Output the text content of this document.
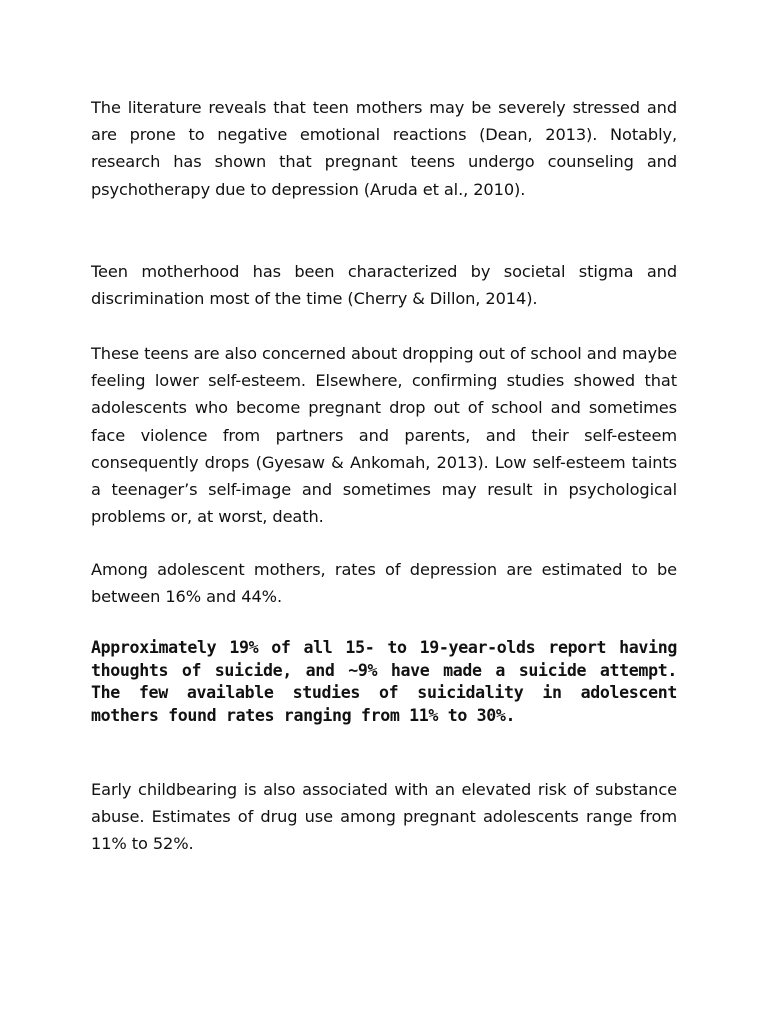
The literature reveals that teen mothers may be severely stressed and are prone to negative emotional reactions (Dean, 2013). Notably, research has shown that pregnant teens undergo counseling and psychotherapy due to depression (Aruda et al., 2010).

Teen motherhood has been characterized by societal stigma and discrimination most of the time (Cherry & Dillon, 2014).

These teens are also concerned about dropping out of school and maybe feeling lower self-esteem. Elsewhere, confirming studies showed that adolescents who become pregnant drop out of school and sometimes face violence from partners and parents, and their self-esteem consequently drops (Gyesaw & Ankomah, 2013). Low self-esteem taints a teenager’s self-image and sometimes may result in psychological problems or, at worst, death.

Among adolescent mothers, rates of depression are estimated to be between 16% and 44%.

Approximately 19% of all 15- to 19-year-olds report having thoughts of suicide, and ~9% have made a suicide attempt. The few available studies of suicidality in adolescent mothers found rates ranging from 11% to 30%.

Early childbearing is also associated with an elevated risk of substance abuse. Estimates of drug use among pregnant adolescents range from 11% to 52%.
